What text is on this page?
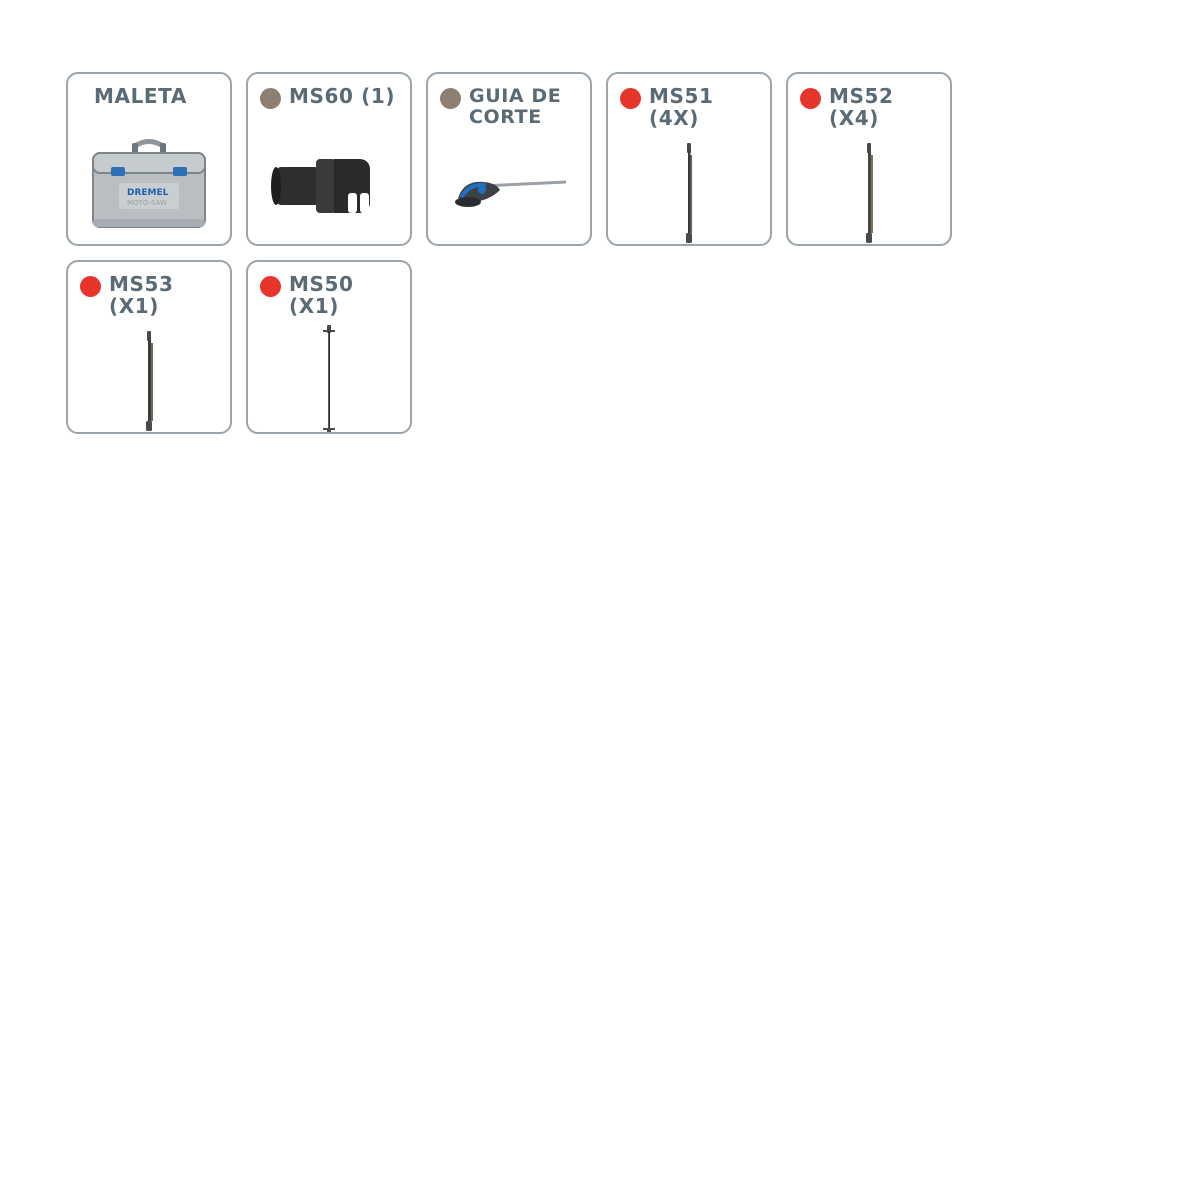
MALETA
DREMEL
MOTO-SAW
MS60 (1)	GUIA DE CORTE
MS51 (4X)
MS52 (X4)
MS53 (X1)
MS50 (X1)
